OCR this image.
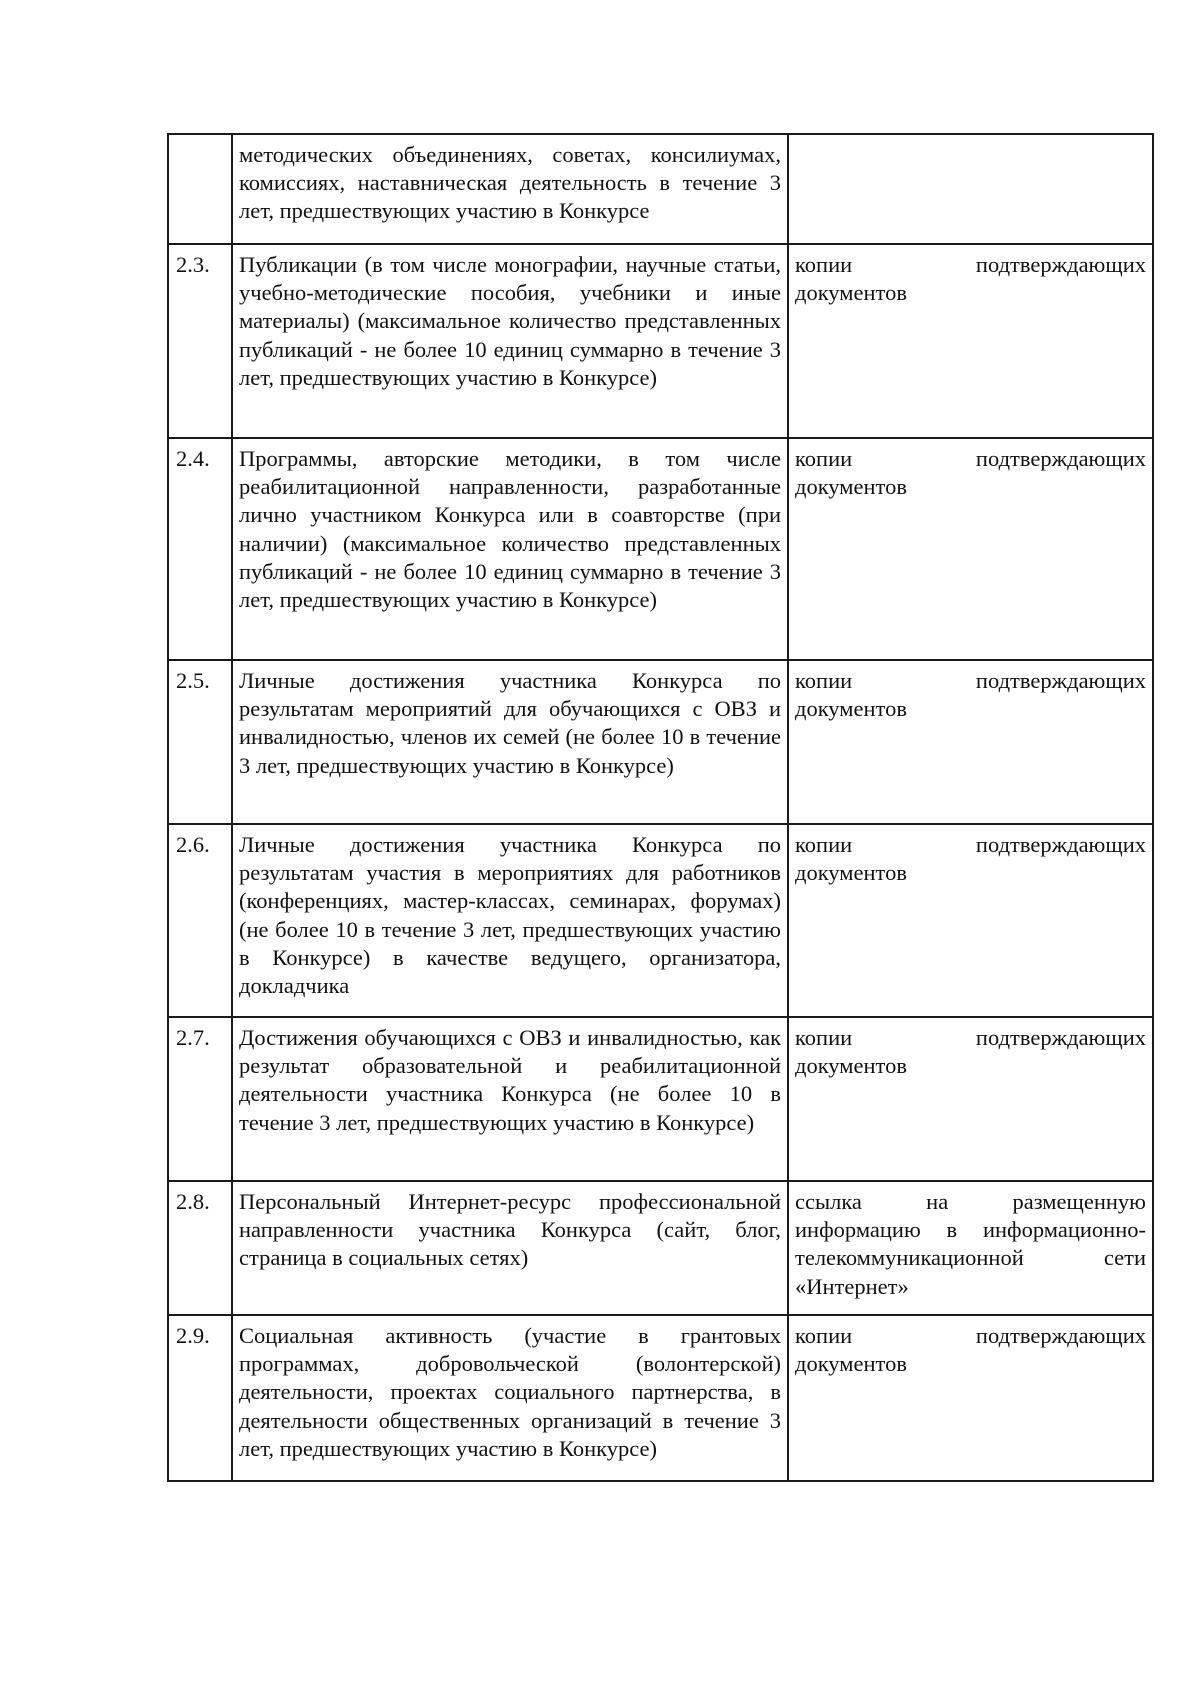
	методических объединениях, советах, консилиумах, комиссиях, наставническая деятельность в течение 3 лет, предшествующих участию в Конкурсе	
2.3.	Публикации (в том числе монографии, научные статьи, учебно-методические пособия, учебники и иные материалы) (максимальное количество представленных публикаций - не более 10 единиц суммарно в течение 3 лет, предшествующих участию в Конкурсе)	копии подтверждающих
документов

2.4.	Программы, авторские методики, в том числе реабилитационной направленности, разработанные лично участником Конкурса или в соавторстве (при наличии) (максимальное количество представленных публикаций - не более 10 единиц суммарно в течение 3 лет, предшествующих участию в Конкурсе)	копии подтверждающих
документов

2.5.	Личные достижения участника Конкурса по результатам мероприятий для обучающихся с ОВЗ и инвалидностью, членов их семей (не более 10 в течение 3 лет, предшествующих участию в Конкурсе)	копии подтверждающих
документов

2.6.	Личные достижения участника Конкурса по результатам участия в мероприятиях для работников (конференциях, мастер-классах, семинарах, форумах) (не более 10 в течение 3 лет, предшествующих участию в Конкурсе) в качестве ведущего, организатора, докладчика	копии подтверждающих
документов

2.7.	Достижения обучающихся с ОВЗ и инвалидностью, как результат образовательной и реабилитационной деятельности участника Конкурса (не более 10 в течение 3 лет, предшествующих участию в Конкурсе)	копии подтверждающих
документов

2.8.	Персональный Интернет-ресурс профессиональной направленности участника Конкурса (сайт, блог, страница в социальных сетях)	ссылка на размещенную
информацию в информационно-
телекоммуникационной сети
«Интернет»

2.9.	Социальная активность (участие в грантовых программах, добровольческой (волонтерской) деятельности, проектах социального партнерства, в деятельности общественных организаций в течение 3 лет, предшествующих участию в Конкурсе)	копии подтверждающих
документов
